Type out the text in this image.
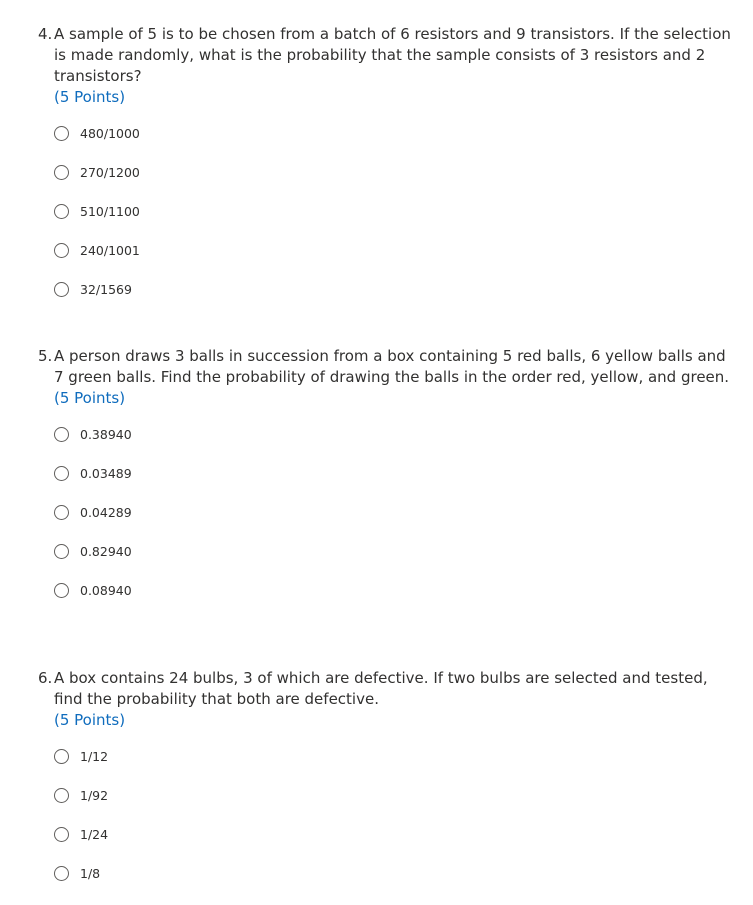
4. A sample of 5 is to be chosen from a batch of 6 resistors and 9 transistors. If the selection is made randomly, what is the probability that the sample consists of 3 resistors and 2 transistors?
(5 Points)
480/1000
270/1200
510/1100
240/1001
32/1569
5. A person draws 3 balls in succession from a box containing 5 red balls, 6 yellow balls and 7 green balls. Find the probability of drawing the balls in the order red, yellow, and green.
(5 Points)
0.38940
0.03489
0.04289
0.82940
0.08940
6. A box contains 24 bulbs, 3 of which are defective. If two bulbs are selected and tested, find the probability that both are defective.
(5 Points)
1/12
1/92
1/24
1/8
